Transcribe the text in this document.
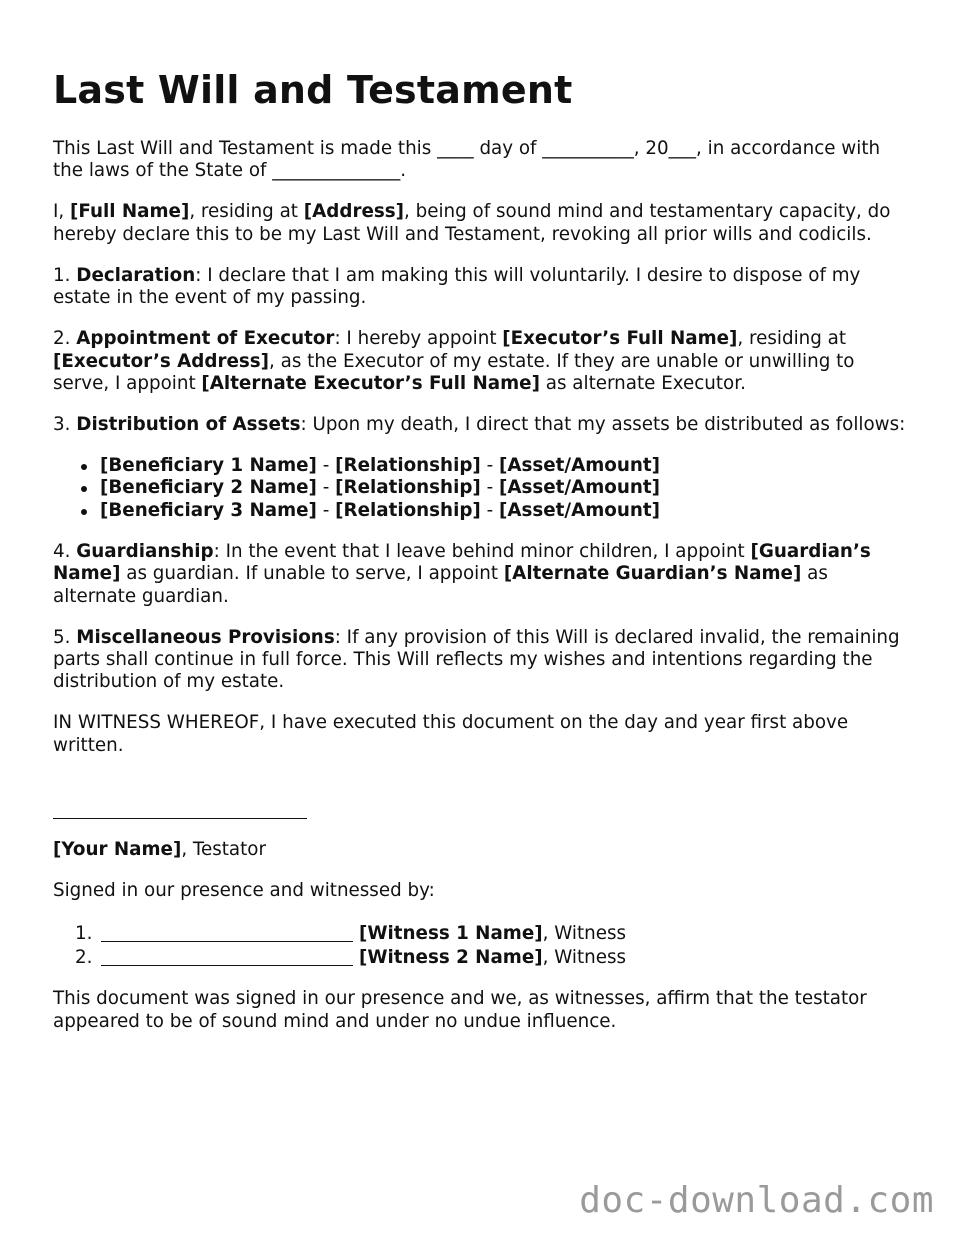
Last Will and Testament

This Last Will and Testament is made this ____ day of __________, 20___, in accordance with the laws of the State of ______________.

I, [Full Name], residing at [Address], being of sound mind and testamentary capacity, do hereby declare this to be my Last Will and Testament, revoking all prior wills and codicils.

1. Declaration: I declare that I am making this will voluntarily. I desire to dispose of my estate in the event of my passing.

2. Appointment of Executor: I hereby appoint [Executor’s Full Name], residing at [Executor’s Address], as the Executor of my estate. If they are unable or unwilling to serve, I appoint [Alternate Executor’s Full Name] as alternate Executor.

3. Distribution of Assets: Upon my death, I direct that my assets be distributed as follows:

[Beneficiary 1 Name] - [Relationship] - [Asset/Amount]
[Beneficiary 2 Name] - [Relationship] - [Asset/Amount]
[Beneficiary 3 Name] - [Relationship] - [Asset/Amount]

4. Guardianship: In the event that I leave behind minor children, I appoint [Guardian’s Name] as guardian. If unable to serve, I appoint [Alternate Guardian’s Name] as alternate guardian.

5. Miscellaneous Provisions: If any provision of this Will is declared invalid, the remaining parts shall continue in full force. This Will reflects my wishes and intentions regarding the distribution of my estate.

IN WITNESS WHEREOF, I have executed this document on the day and year first above written.

[Your Name], Testator

Signed in our presence and witnessed by:

1.	[Witness 1 Name] , Witness
2.	[Witness 2 Name] , Witness

This document was signed in our presence and we, as witnesses, affirm that the testator appeared to be of sound mind and under no undue influence.

doc-download.com
